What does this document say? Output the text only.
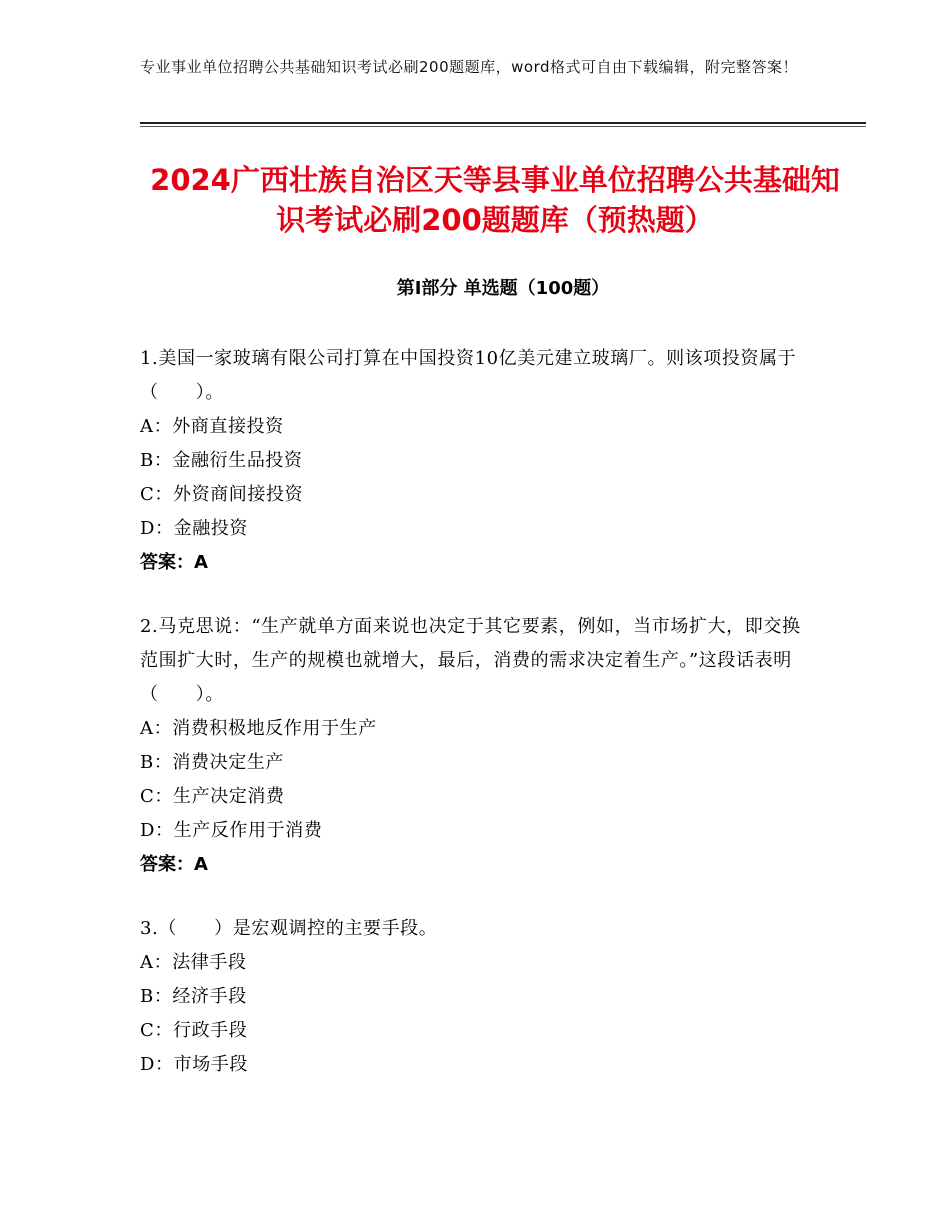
专业事业单位招聘公共基础知识考试必刷200题题库，word格式可自由下载编辑，附完整答案！
2024广西壮族自治区天等县事业单位招聘公共基础知识考试必刷200题题库（预热题）
第Ⅰ部分 单选题（100题）
1.美国一家玻璃有限公司打算在中国投资10亿美元建立玻璃厂。则该项投资属于（　　）。
A：外商直接投资
B：金融衍生品投资
C：外资商间接投资
D：金融投资
答案：A
2.马克思说：“生产就单方面来说也决定于其它要素，例如，当市场扩大，即交换范围扩大时，生产的规模也就增大，最后，消费的需求决定着生产。”这段话表明（　　）。
A：消费积极地反作用于生产
B：消费决定生产
C：生产决定消费
D：生产反作用于消费
答案：A
3.（　　）是宏观调控的主要手段。
A：法律手段
B：经济手段
C：行政手段
D：市场手段
